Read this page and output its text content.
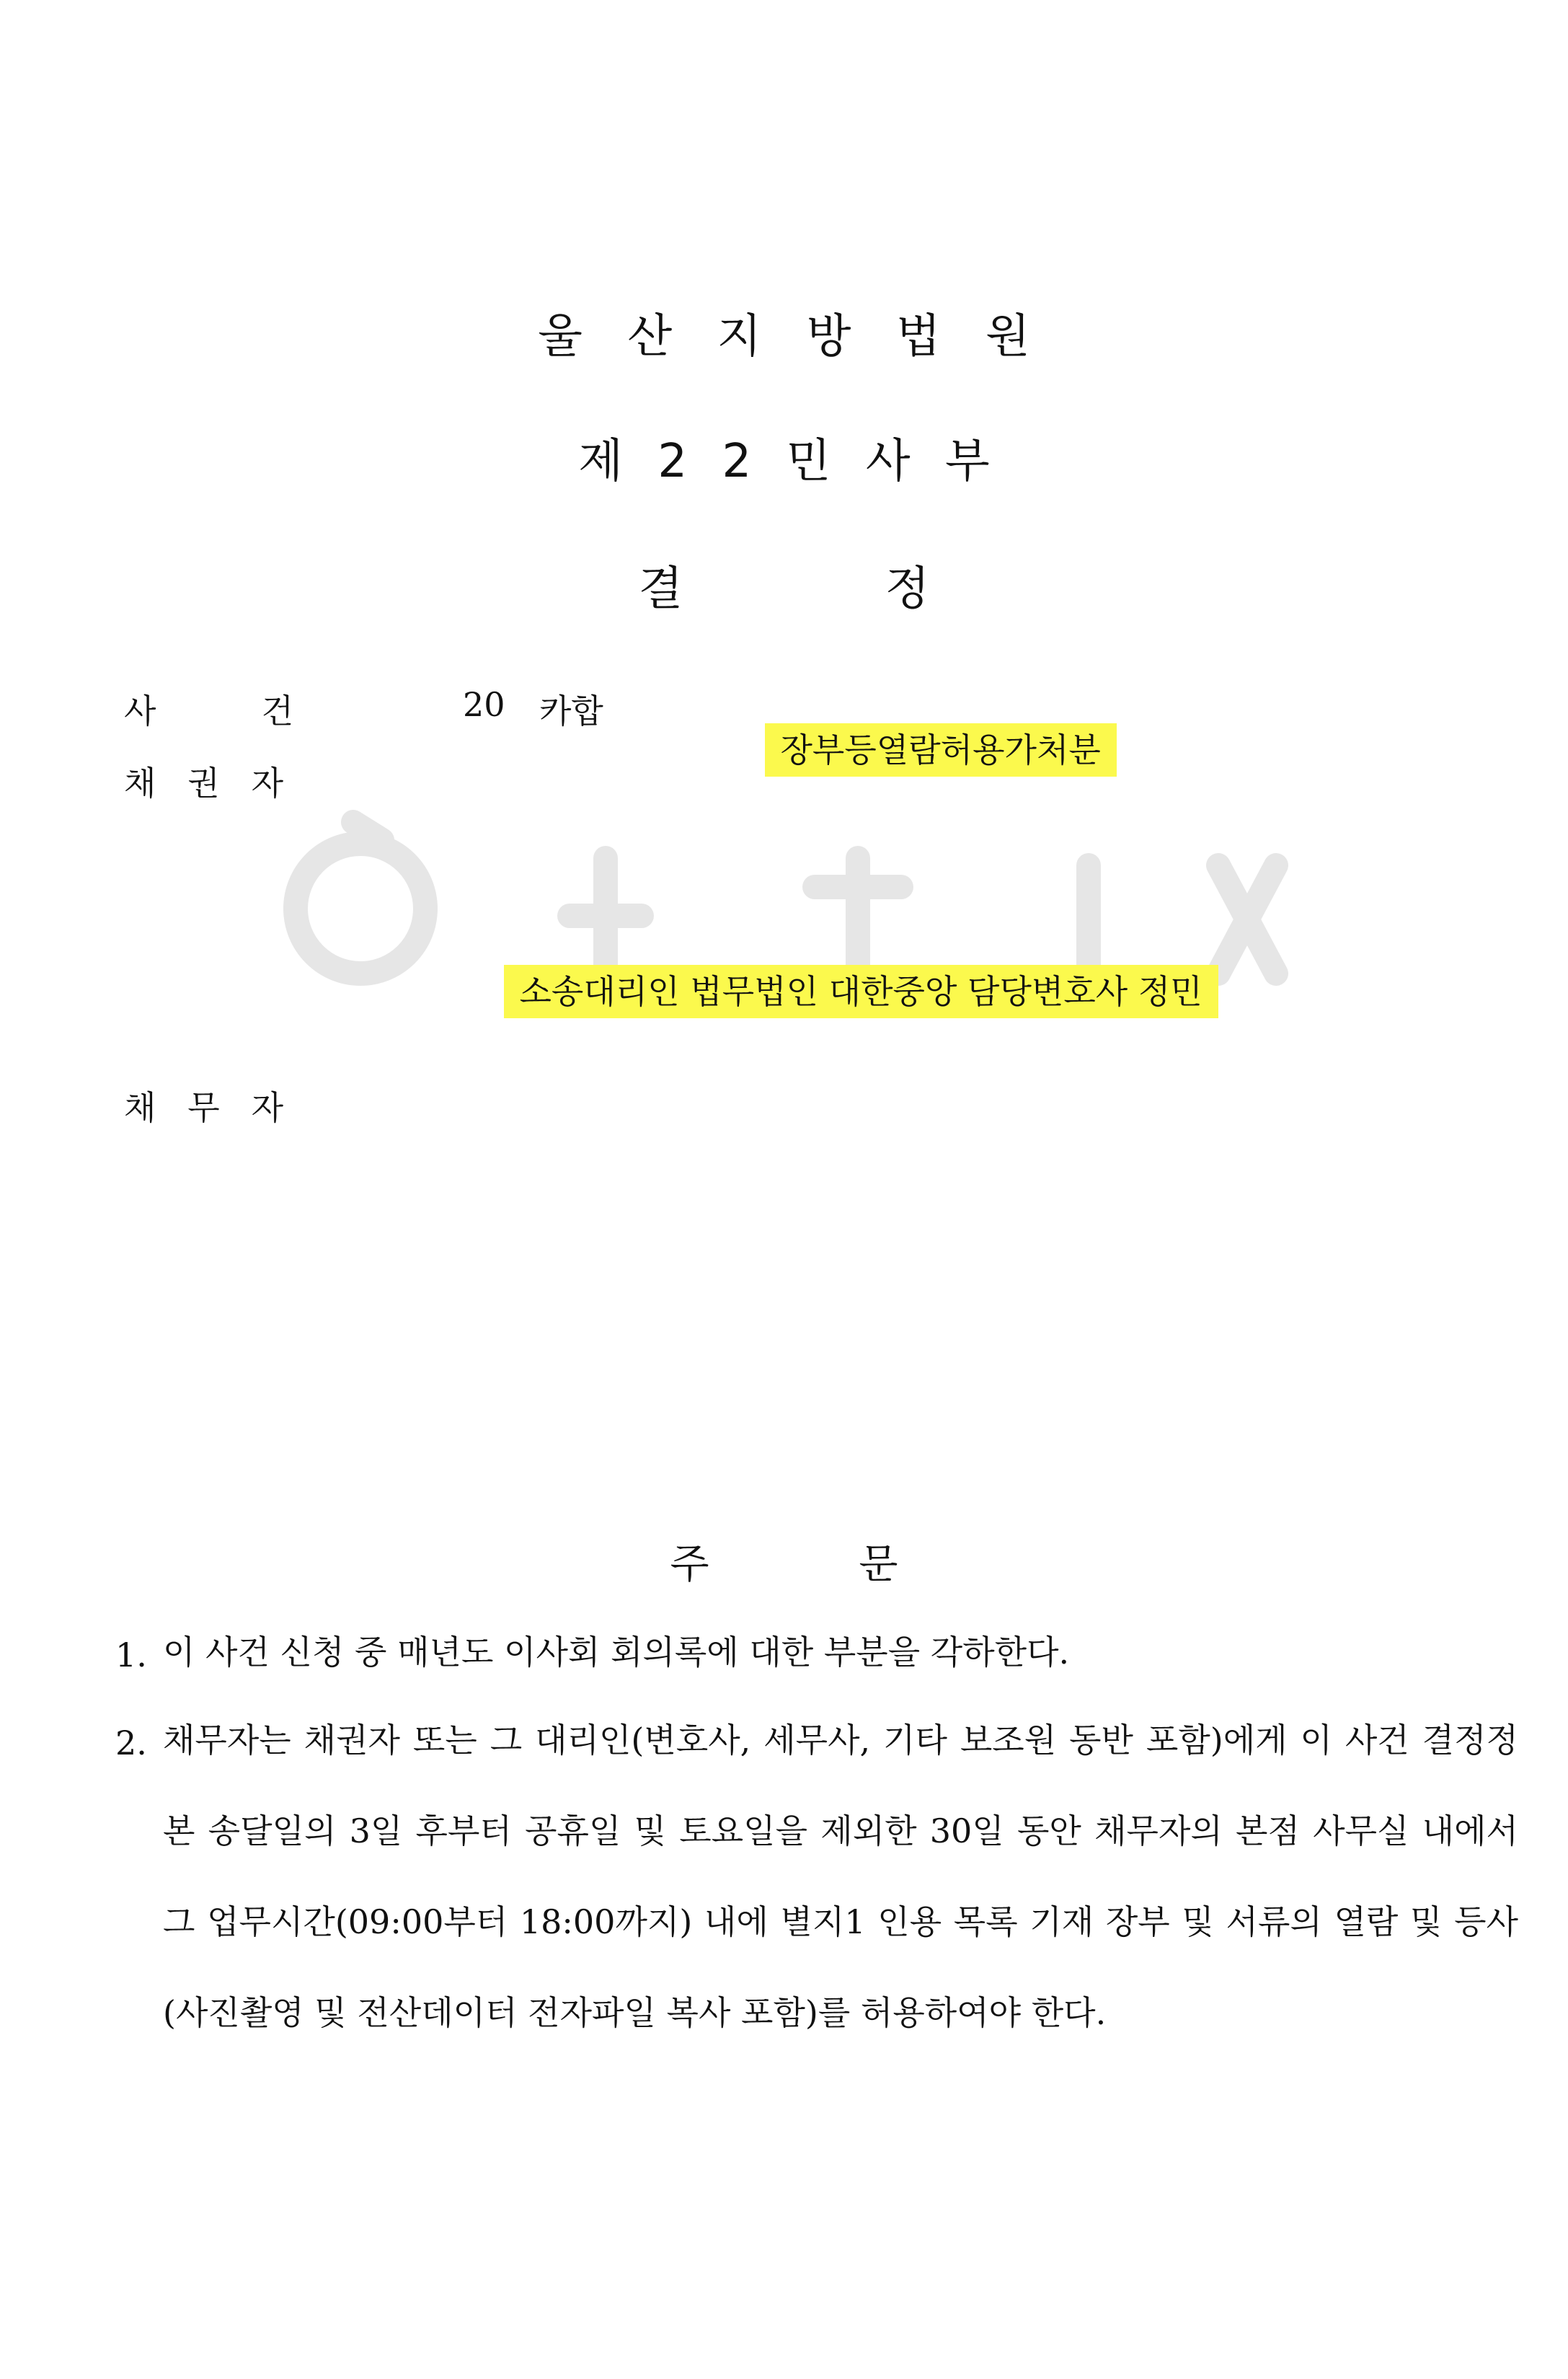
울 산 지 방 법 원
제 2 2 민 사 부
결 정
사          건	20 카합

장부등열람허용가처분

채   권   자

소송대리인 법무법인 대한중앙 담당변호사 정민

채   무   자
주 문
1. 이 사건 신청 중 매년도 이사회 회의록에 대한 부분을 각하한다.
2. 채무자는 채권자 또는 그 대리인(변호사, 세무사, 기타 보조원 동반 포함)에게 이 사건 결정정본 송달일의 3일 후부터 공휴일 및 토요일을 제외한 30일 동안 채무자의 본점 사무실 내에서 그 업무시간(09:00부터 18:00까지) 내에 별지1 인용 목록 기재 장부 및 서류의 열람 및 등사(사진촬영 및 전산데이터 전자파일 복사 포함)를 허용하여야 한다.
